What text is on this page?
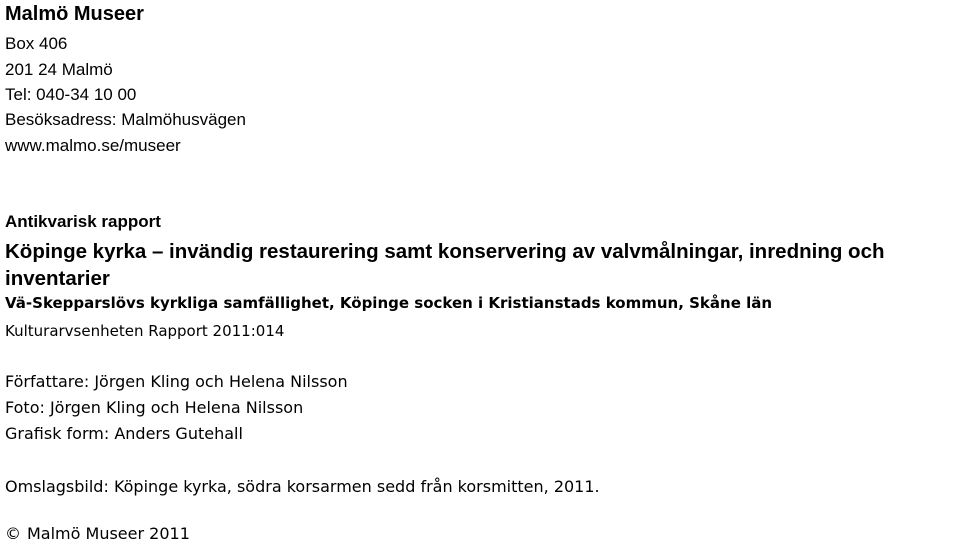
Malmö Museer
Box 406
201 24 Malmö
Tel: 040-34 10 00
Besöksadress: Malmöhusvägen
www.malmo.se/museer
Antikvarisk rapport
Köpinge kyrka – invändig restaurering samt konservering av valvmålningar, inredning och inventarier
Vä-Skepparslövs kyrkliga samfällighet, Köpinge socken i Kristianstads kommun, Skåne län
Kulturarvsenheten Rapport 2011:014
Författare: Jörgen Kling och Helena Nilsson
Foto: Jörgen Kling och Helena Nilsson
Grafisk form: Anders Gutehall
Omslagsbild: Köpinge kyrka, södra korsarmen sedd från korsmitten, 2011.
© Malmö Museer 2011
